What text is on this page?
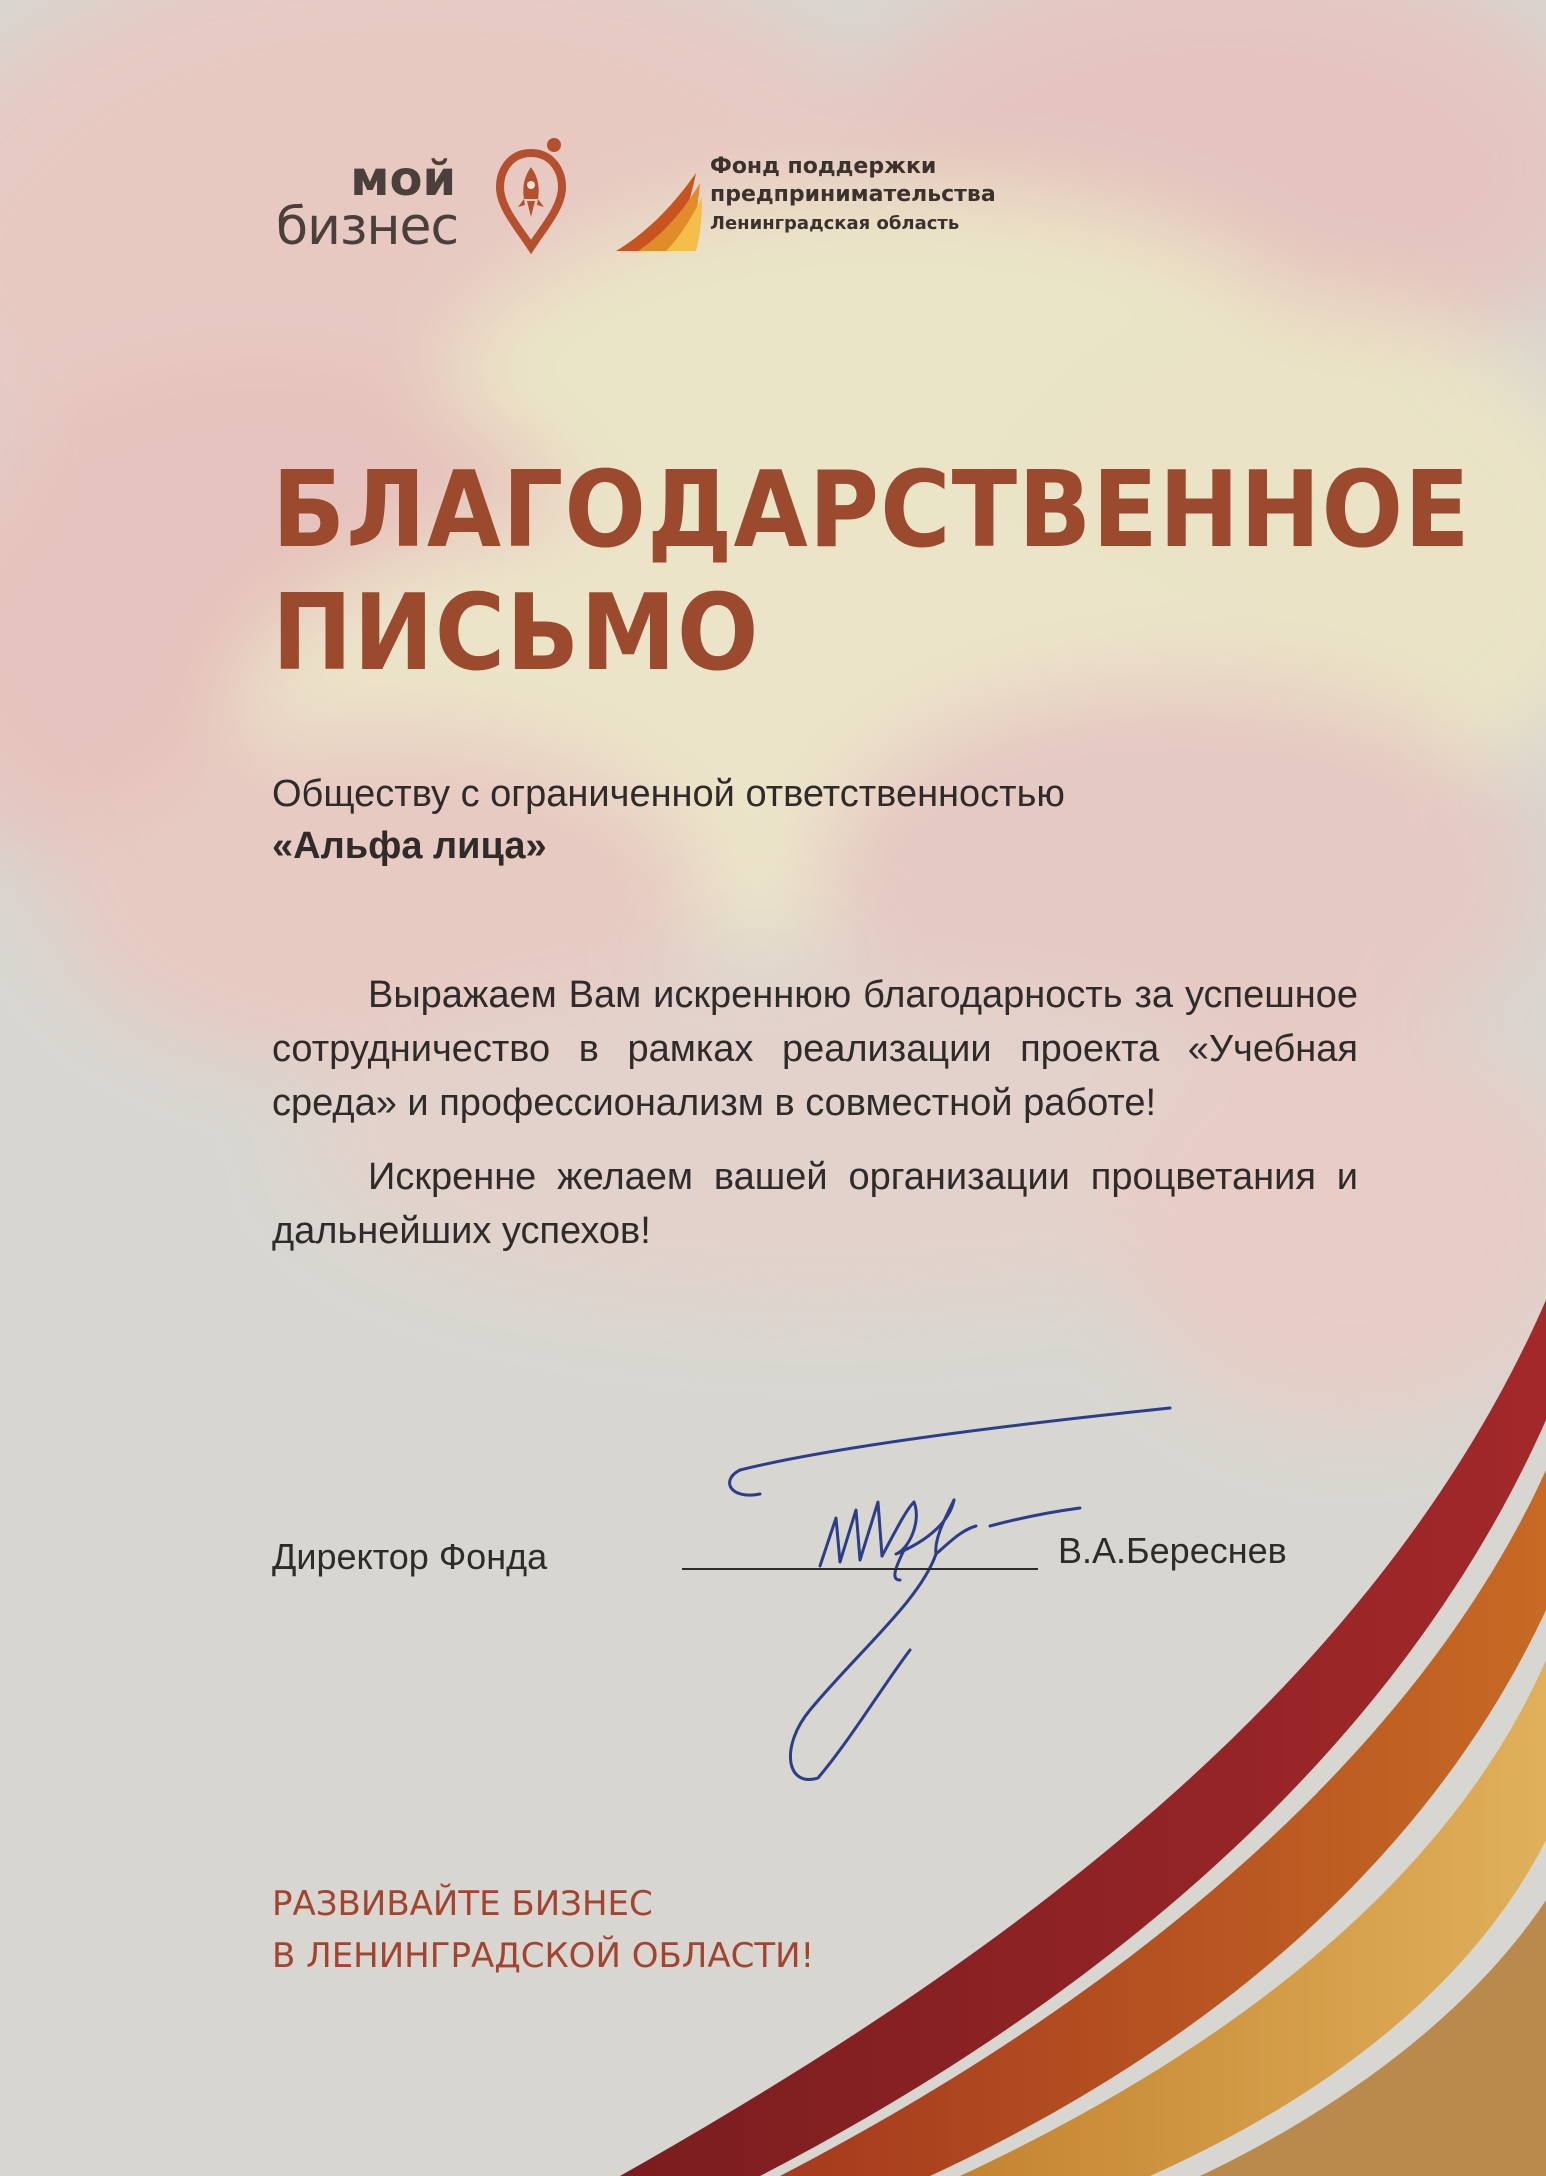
мой
бизнес
Фонд поддержки
предпринимательства
Ленинградская область
БЛАГОДАРСТВЕННОЕ
ПИСЬМО
Обществу с ограниченной ответственностью
«Альфа лица»

Выражаем Вам искреннюю благодарность за успешное сотрудничество в рамках реализации проекта «Учебная среда» и профессионализм в совместной работе!

Искренне желаем вашей организации процветания и дальнейших успехов!

Директор Фонда	В.А.Береснев
РАЗВИВАЙТЕ БИЗНЕС
В ЛЕНИНГРАДСКОЙ ОБЛАСТИ!
